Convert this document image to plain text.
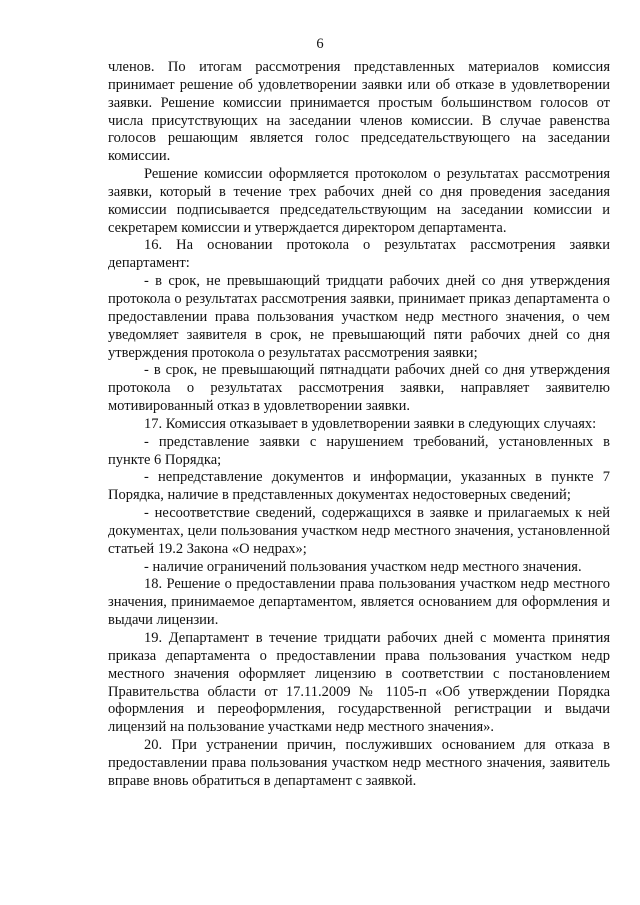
6

членов. По итогам рассмотрения представленных материалов комиссия принимает решение об удовлетворении заявки или об отказе в удовлетворении заявки. Решение комиссии принимается простым большинством голосов от числа присутствующих на заседании членов комиссии. В случае равенства голосов решающим является голос председательствующего на заседании комиссии.

Решение комиссии оформляется протоколом о результатах рассмотрения заявки, который в течение трех рабочих дней со дня проведения заседания комиссии подписывается председательствующим на заседании комиссии и секретарем комиссии и утверждается директором департамента.

16. На основании протокола о результатах рассмотрения заявки департамент:

- в срок, не превышающий тридцати рабочих дней со дня утверждения протокола о результатах рассмотрения заявки, принимает приказ департамента о предоставлении права пользования участком недр местного значения, о чем уведомляет заявителя в срок, не превышающий пяти рабочих дней со дня утверждения протокола о результатах рассмотрения заявки;

- в срок, не превышающий пятнадцати рабочих дней со дня утверждения протокола о результатах рассмотрения заявки, направляет заявителю мотивированный отказ в удовлетворении заявки.

17. Комиссия отказывает в удовлетворении заявки в следующих случаях:

- представление заявки с нарушением требований, установленных в пункте 6 Порядка;

- непредставление документов и информации, указанных в пункте 7 Порядка, наличие в представленных документах недостоверных сведений;

- несоответствие сведений, содержащихся в заявке и прилагаемых к ней документах, цели пользования участком недр местного значения, установленной статьей 19.2 Закона «О недрах»;

- наличие ограничений пользования участком недр местного значения.

18. Решение о предоставлении права пользования участком недр местного значения, принимаемое департаментом, является основанием для оформления и выдачи лицензии.

19. Департамент в течение тридцати рабочих дней с момента принятия приказа департамента о предоставлении права пользования участком недр местного значения оформляет лицензию в соответствии с постановлением Правительства области от 17.11.2009 № 1105-п «Об утверждении Порядка оформления и переоформления, государственной регистрации и выдачи лицензий на пользование участками недр местного значения».

20. При устранении причин, послуживших основанием для отказа в предоставлении права пользования участком недр местного значения, заявитель вправе вновь обратиться в департамент с заявкой.
